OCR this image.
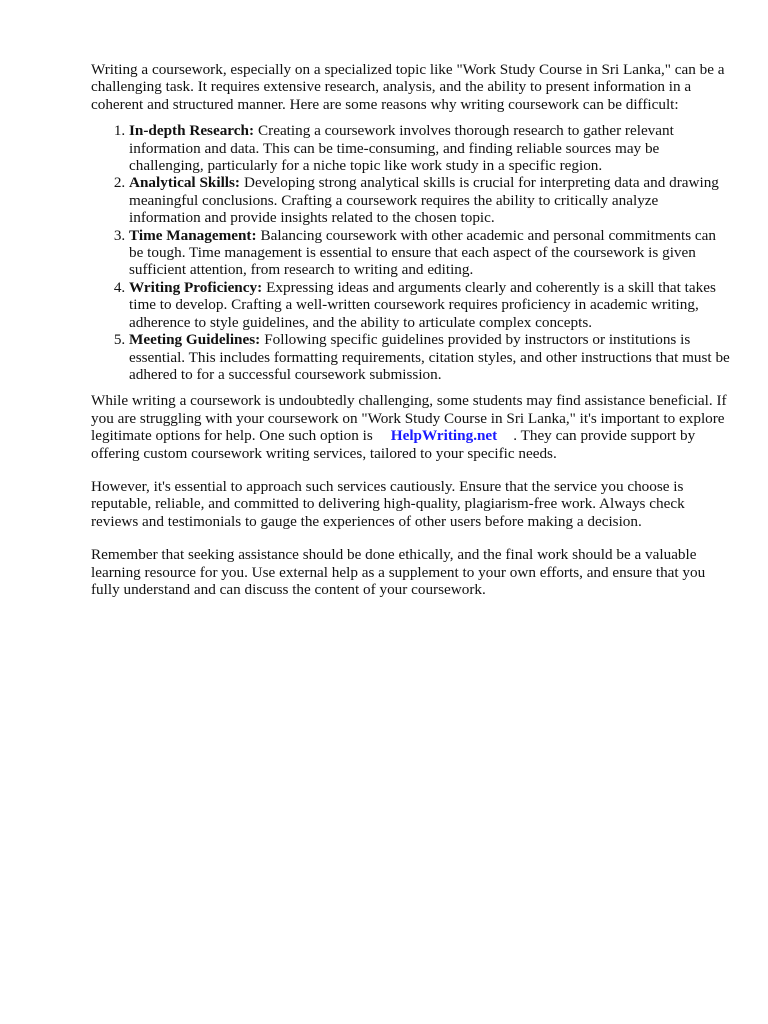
Writing a coursework, especially on a specialized topic like "Work Study Course in Sri Lanka," can be a challenging task. It requires extensive research, analysis, and the ability to present information in a coherent and structured manner. Here are some reasons why writing coursework can be difficult:

1. In-depth Research: Creating a coursework involves thorough research to gather relevant information and data. This can be time-consuming, and finding reliable sources may be challenging, particularly for a niche topic like work study in a specific region.
2. Analytical Skills: Developing strong analytical skills is crucial for interpreting data and drawing meaningful conclusions. Crafting a coursework requires the ability to critically analyze information and provide insights related to the chosen topic.
3. Time Management: Balancing coursework with other academic and personal commitments can be tough. Time management is essential to ensure that each aspect of the coursework is given sufficient attention, from research to writing and editing.
4. Writing Proficiency: Expressing ideas and arguments clearly and coherently is a skill that takes time to develop. Crafting a well-written coursework requires proficiency in academic writing, adherence to style guidelines, and the ability to articulate complex concepts.
5. Meeting Guidelines: Following specific guidelines provided by instructors or institutions is essential. This includes formatting requirements, citation styles, and other instructions that must be adhered to for a successful coursework submission.

While writing a coursework is undoubtedly challenging, some students may find assistance beneficial. If you are struggling with your coursework on "Work Study Course in Sri Lanka," it's important to explore legitimate options for help. One such option is HelpWriting.net . They can provide support by offering custom coursework writing services, tailored to your specific needs.

However, it's essential to approach such services cautiously. Ensure that the service you choose is reputable, reliable, and committed to delivering high-quality, plagiarism-free work. Always check reviews and testimonials to gauge the experiences of other users before making a decision.

Remember that seeking assistance should be done ethically, and the final work should be a valuable learning resource for you. Use external help as a supplement to your own efforts, and ensure that you fully understand and can discuss the content of your coursework.
